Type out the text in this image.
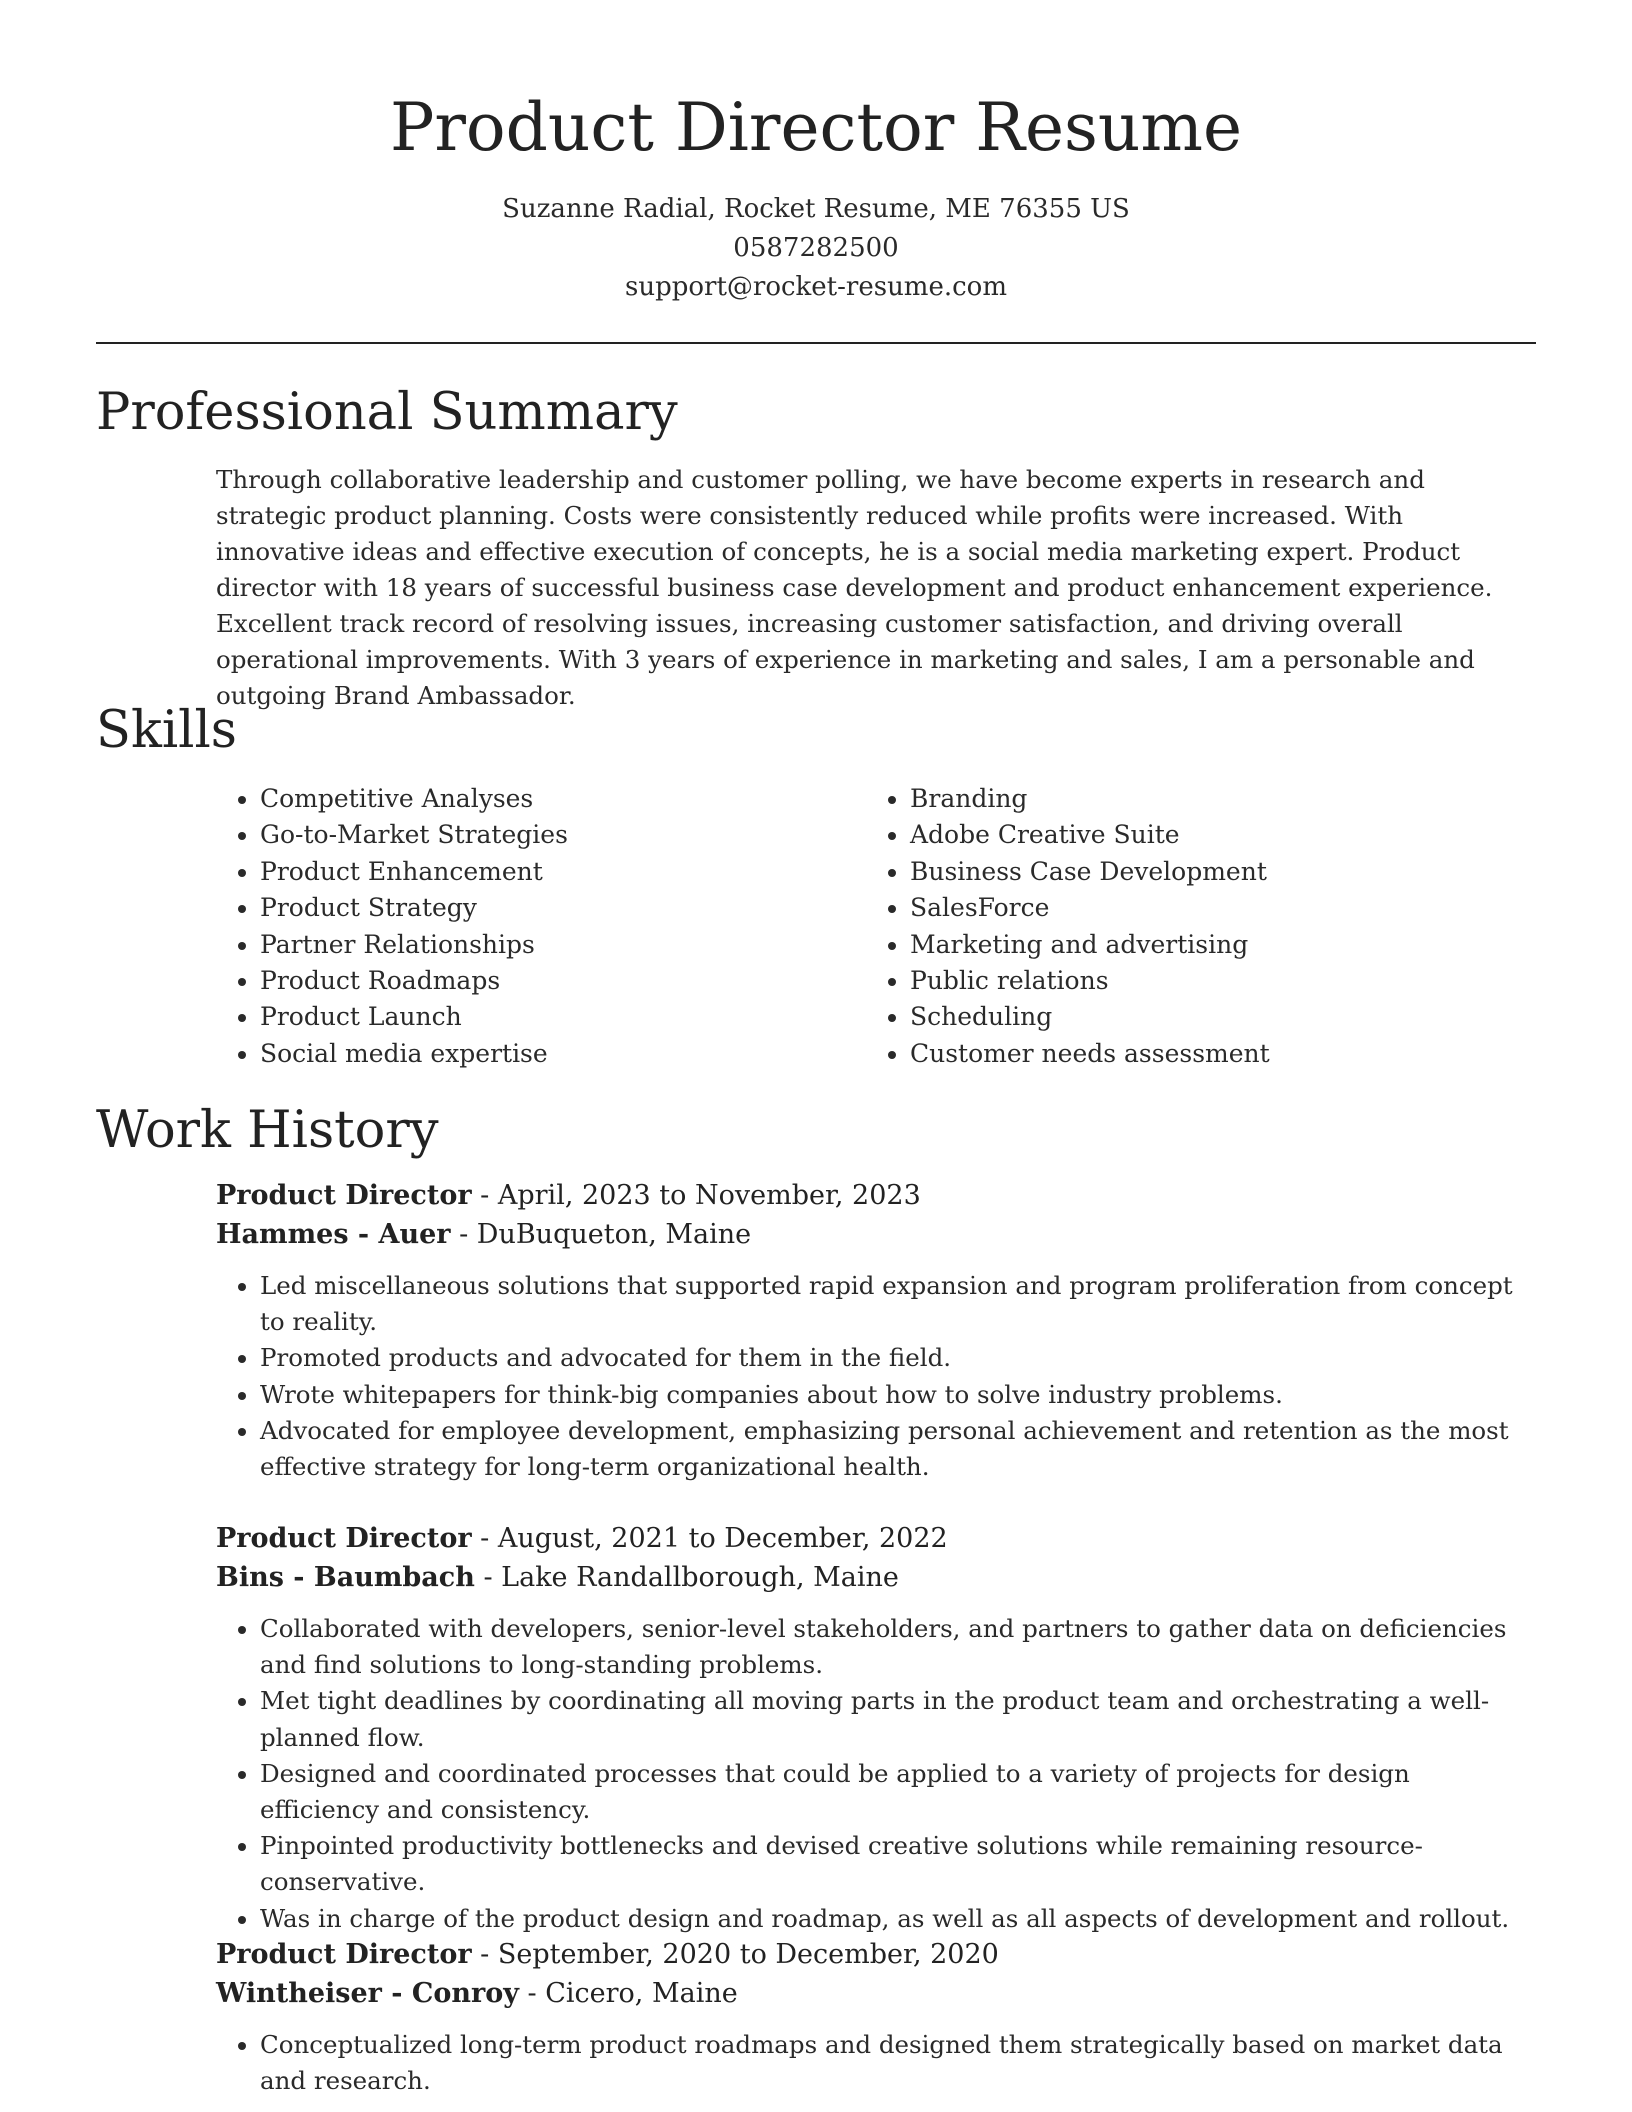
Product Director Resume
Suzanne Radial, Rocket Resume, ME 76355 US
0587282500
support@rocket-resume.com
Professional Summary

Through collaborative leadership and customer polling, we have become experts in research and strategic product planning. Costs were consistently reduced while profits were increased. With innovative ideas and effective execution of concepts, he is a social media marketing expert. Product director with 18 years of successful business case development and product enhancement experience. Excellent track record of resolving issues, increasing customer satisfaction, and driving overall operational improvements. With 3 years of experience in marketing and sales, I am a personable and outgoing Brand Ambassador.

Skills
• Competitive Analyses
• Go-to-Market Strategies
• Product Enhancement
• Product Strategy
• Partner Relationships
• Product Roadmaps
• Product Launch
• Social media expertise
• Branding
• Adobe Creative Suite
• Business Case Development
• SalesForce
• Marketing and advertising
• Public relations
• Scheduling
• Customer needs assessment
Work History
Product Director - April, 2023 to November, 2023
Hammes - Auer - DuBuqueton, Maine
• Led miscellaneous solutions that supported rapid expansion and program proliferation from concept to reality.
• Promoted products and advocated for them in the field.
• Wrote whitepapers for think-big companies about how to solve industry problems.
• Advocated for employee development, emphasizing personal achievement and retention as the most effective strategy for long-term organizational health.
Product Director - August, 2021 to December, 2022
Bins - Baumbach - Lake Randallborough, Maine
• Collaborated with developers, senior-level stakeholders, and partners to gather data on deficiencies and find solutions to long-standing problems.
• Met tight deadlines by coordinating all moving parts in the product team and orchestrating a well-planned flow.
• Designed and coordinated processes that could be applied to a variety of projects for design efficiency and consistency.
• Pinpointed productivity bottlenecks and devised creative solutions while remaining resource-conservative.
• Was in charge of the product design and roadmap, as well as all aspects of development and rollout.
Product Director - September, 2020 to December, 2020
Wintheiser - Conroy - Cicero, Maine
• Conceptualized long-term product roadmaps and designed them strategically based on market data and research.
